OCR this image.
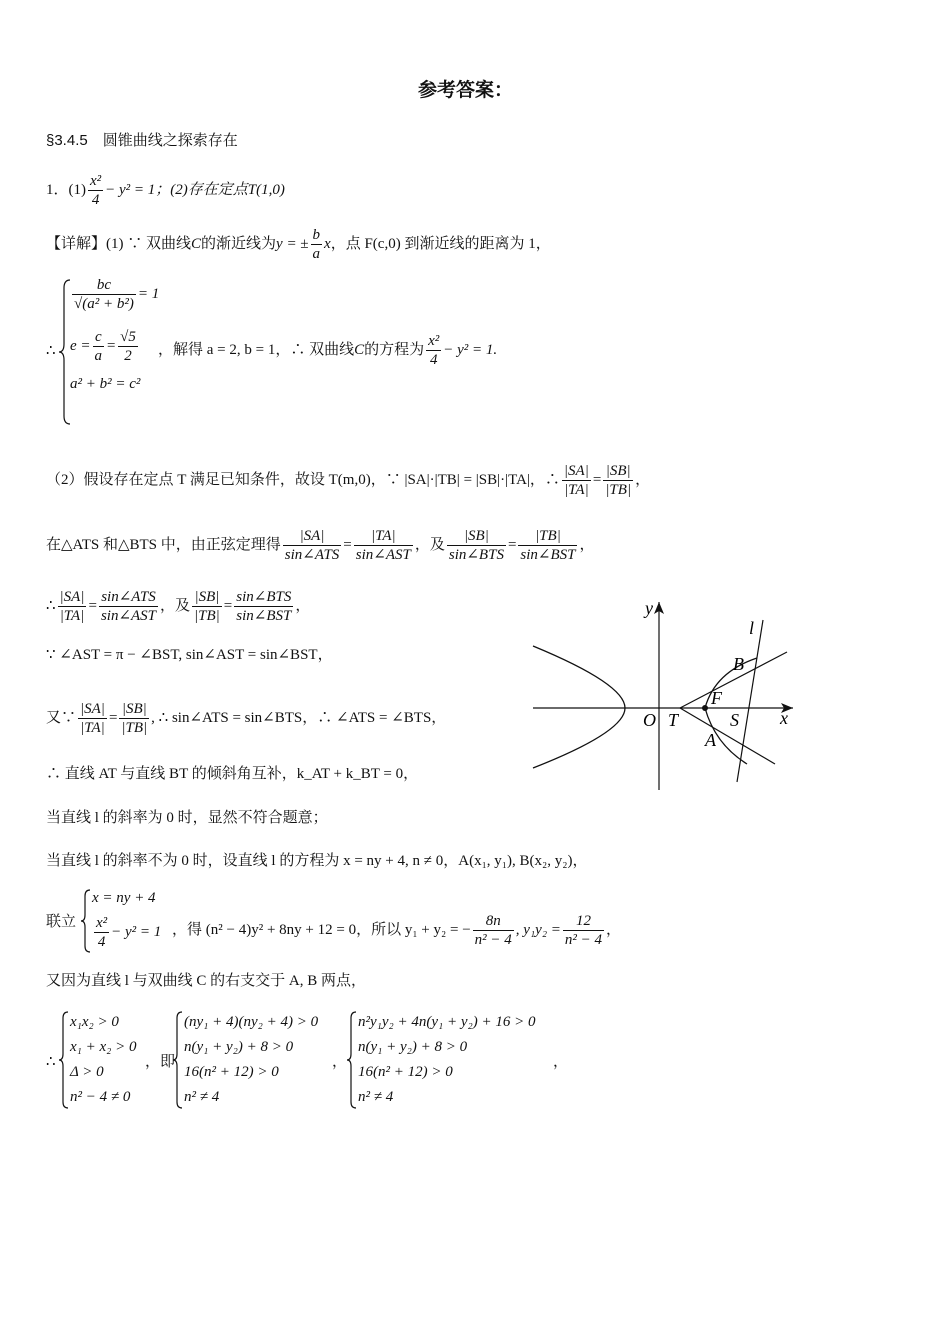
参考答案：
§3.4.5　圆锥曲线之探索存在
1．$(1) \frac{\text{x²}}{4} - y^2 = 1$；(2)存在定点T(1,0)
【详解】(1) ∵ 双曲线C的渐近线为y = ± $\frac{b}{a}$ x，点 F(c,0) 到渐近线的距离为 1，
∴
$\frac{bc}{\text{√(a² + b²)}} = 1$
$e = \frac{c}{a} = \frac{√5}{2}$
a² + b² = c²
，解得 a = 2, b = 1，∴ 双曲线C的方程为 $\frac{\text{x²}}{4} - y^2 = 1$.
（2）假设存在定点 T 满足已知条件，故设 T(m,0)，∵ |SA|·|TB| = |SB|·|TA|，∴ $\frac{|SA|}{|TA|} = \frac{|SB|}{|TB|}$ ，
在△ATS 和△BTS 中，由正弦定理得 $\frac{|SA|}{\text{sin∠ATS}} = \frac{|TA|}{\text{sin∠AST}}$ ，及 $\frac{|SB|}{\text{sin∠BTS}} = \frac{|TB|}{\text{sin∠BST}}$ ，
∴ $\frac{|SA|}{|TA|} = \frac{\text{sin∠ATS}}{\text{sin∠AST}}$ ，及 $\frac{|SB|}{|TB|} = \frac{\text{sin∠BTS}}{\text{sin∠BST}}$ ，
∵ ∠AST = π − ∠BST, sin∠AST = sin∠BST，
又∵ $\frac{|SA|}{|TA|} = \frac{|SB|}{|TB|}$ , ∴ sin∠ATS = sin∠BTS，∴ ∠ATS = ∠BTS，
∴ 直线 AT 与直线 BT 的倾斜角互补，k_AT + k_BT = 0，
当直线 l 的斜率为 0 时，显然不符合题意；
当直线 l 的斜率不为 0 时，设直线 l 的方程为 x = ny + 4, n ≠ 0，A(x₁, y₁), B(x₂, y₂)，
联立
x = ny + 4
$\frac{\text{x²}}{4} - y^2 = 1$ ，得 (n² − 4)y² + 8ny + 12 = 0，所以 y₁ + y₂ = − $\frac{8n}{\text{n² − 4}}$ , $y_1y_2 = \frac{12}{\text{n² − 4}}$ ，
又因为直线 l 与双曲线 C 的右支交于 A, B 两点，
∴
x₁x₂ > 0
x₁ + x₂ > 0
Δ > 0
n² − 4 ≠ 0
，即
(ny₁ + 4)(ny₂ + 4) > 0
n(y₁ + y₂) + 8 > 0
16(n² + 12) > 0
n² ≠ 4
，
n²y₁y₂ + 4n(y₁ + y₂) + 16 > 0
n(y₁ + y₂) + 8 > 0
16(n² + 12) > 0
n² ≠ 4
，
y
x
O T
F
S
A
B
l
